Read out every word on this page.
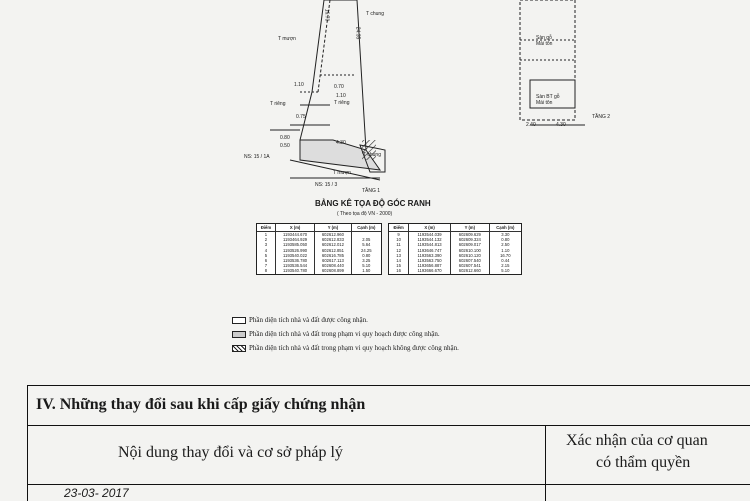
T chung
T mượn
16.70
24.35
1.10	0.70
1.10
T riêng	T riêng
0.75
0.80
0.50	4.30
T chung
T mượn
NS: 15 / 1A
NS: 15 / 3
TẦNG 1
Sàn gỗ
Mái tôn
Sàn BT gỗ
Mái tôn
2.40	4.30
TẦNG 2
BẢNG KÊ TỌA ĐỘ GÓC RANH
( Theo tọa độ VN - 2000)
Điểm	X (m)	Y (m)	Cạnh (m)
1	1193444.670	602612.960	
2	1193464.929	602612.833	2.05
3	1193585.050	602612.012	5.64
4	1193526.990	602612.851	24.25
5	1193540.022	602616.785	0.80
6	1193536.780	602617.113	3.25
7	1193536.544	602608.440	5.10
8	1193540.780	602608.899	1.50
Điểm	X (m)	Y (m)	Cạnh (m)
9	1193544.039	602609.629	3.30
10	1193544.132	602609.324	0.80
11	1193544.813	602609.017	2.50
12	1193646.747	602610.100	1.10
13	1193563.390	602610.120	16.70
14	1193563.750	602607.540	0.44
15	1193656.887	602607.541	2.15
16	1193666.670	602612.660	5.10
Phần diện tích nhà và đất được công nhận.
Phần diện tích nhà và đất trong phạm vi quy hoạch được công nhận.
Phần diện tích nhà và đất trong phạm vi quy hoạch không được công nhận.
IV. Những thay đổi sau khi cấp giấy chứng nhận
Nội dung thay đổi và cơ sở pháp lý
Xác nhận của cơ quan
có thẩm quyền
23-03- 2017
